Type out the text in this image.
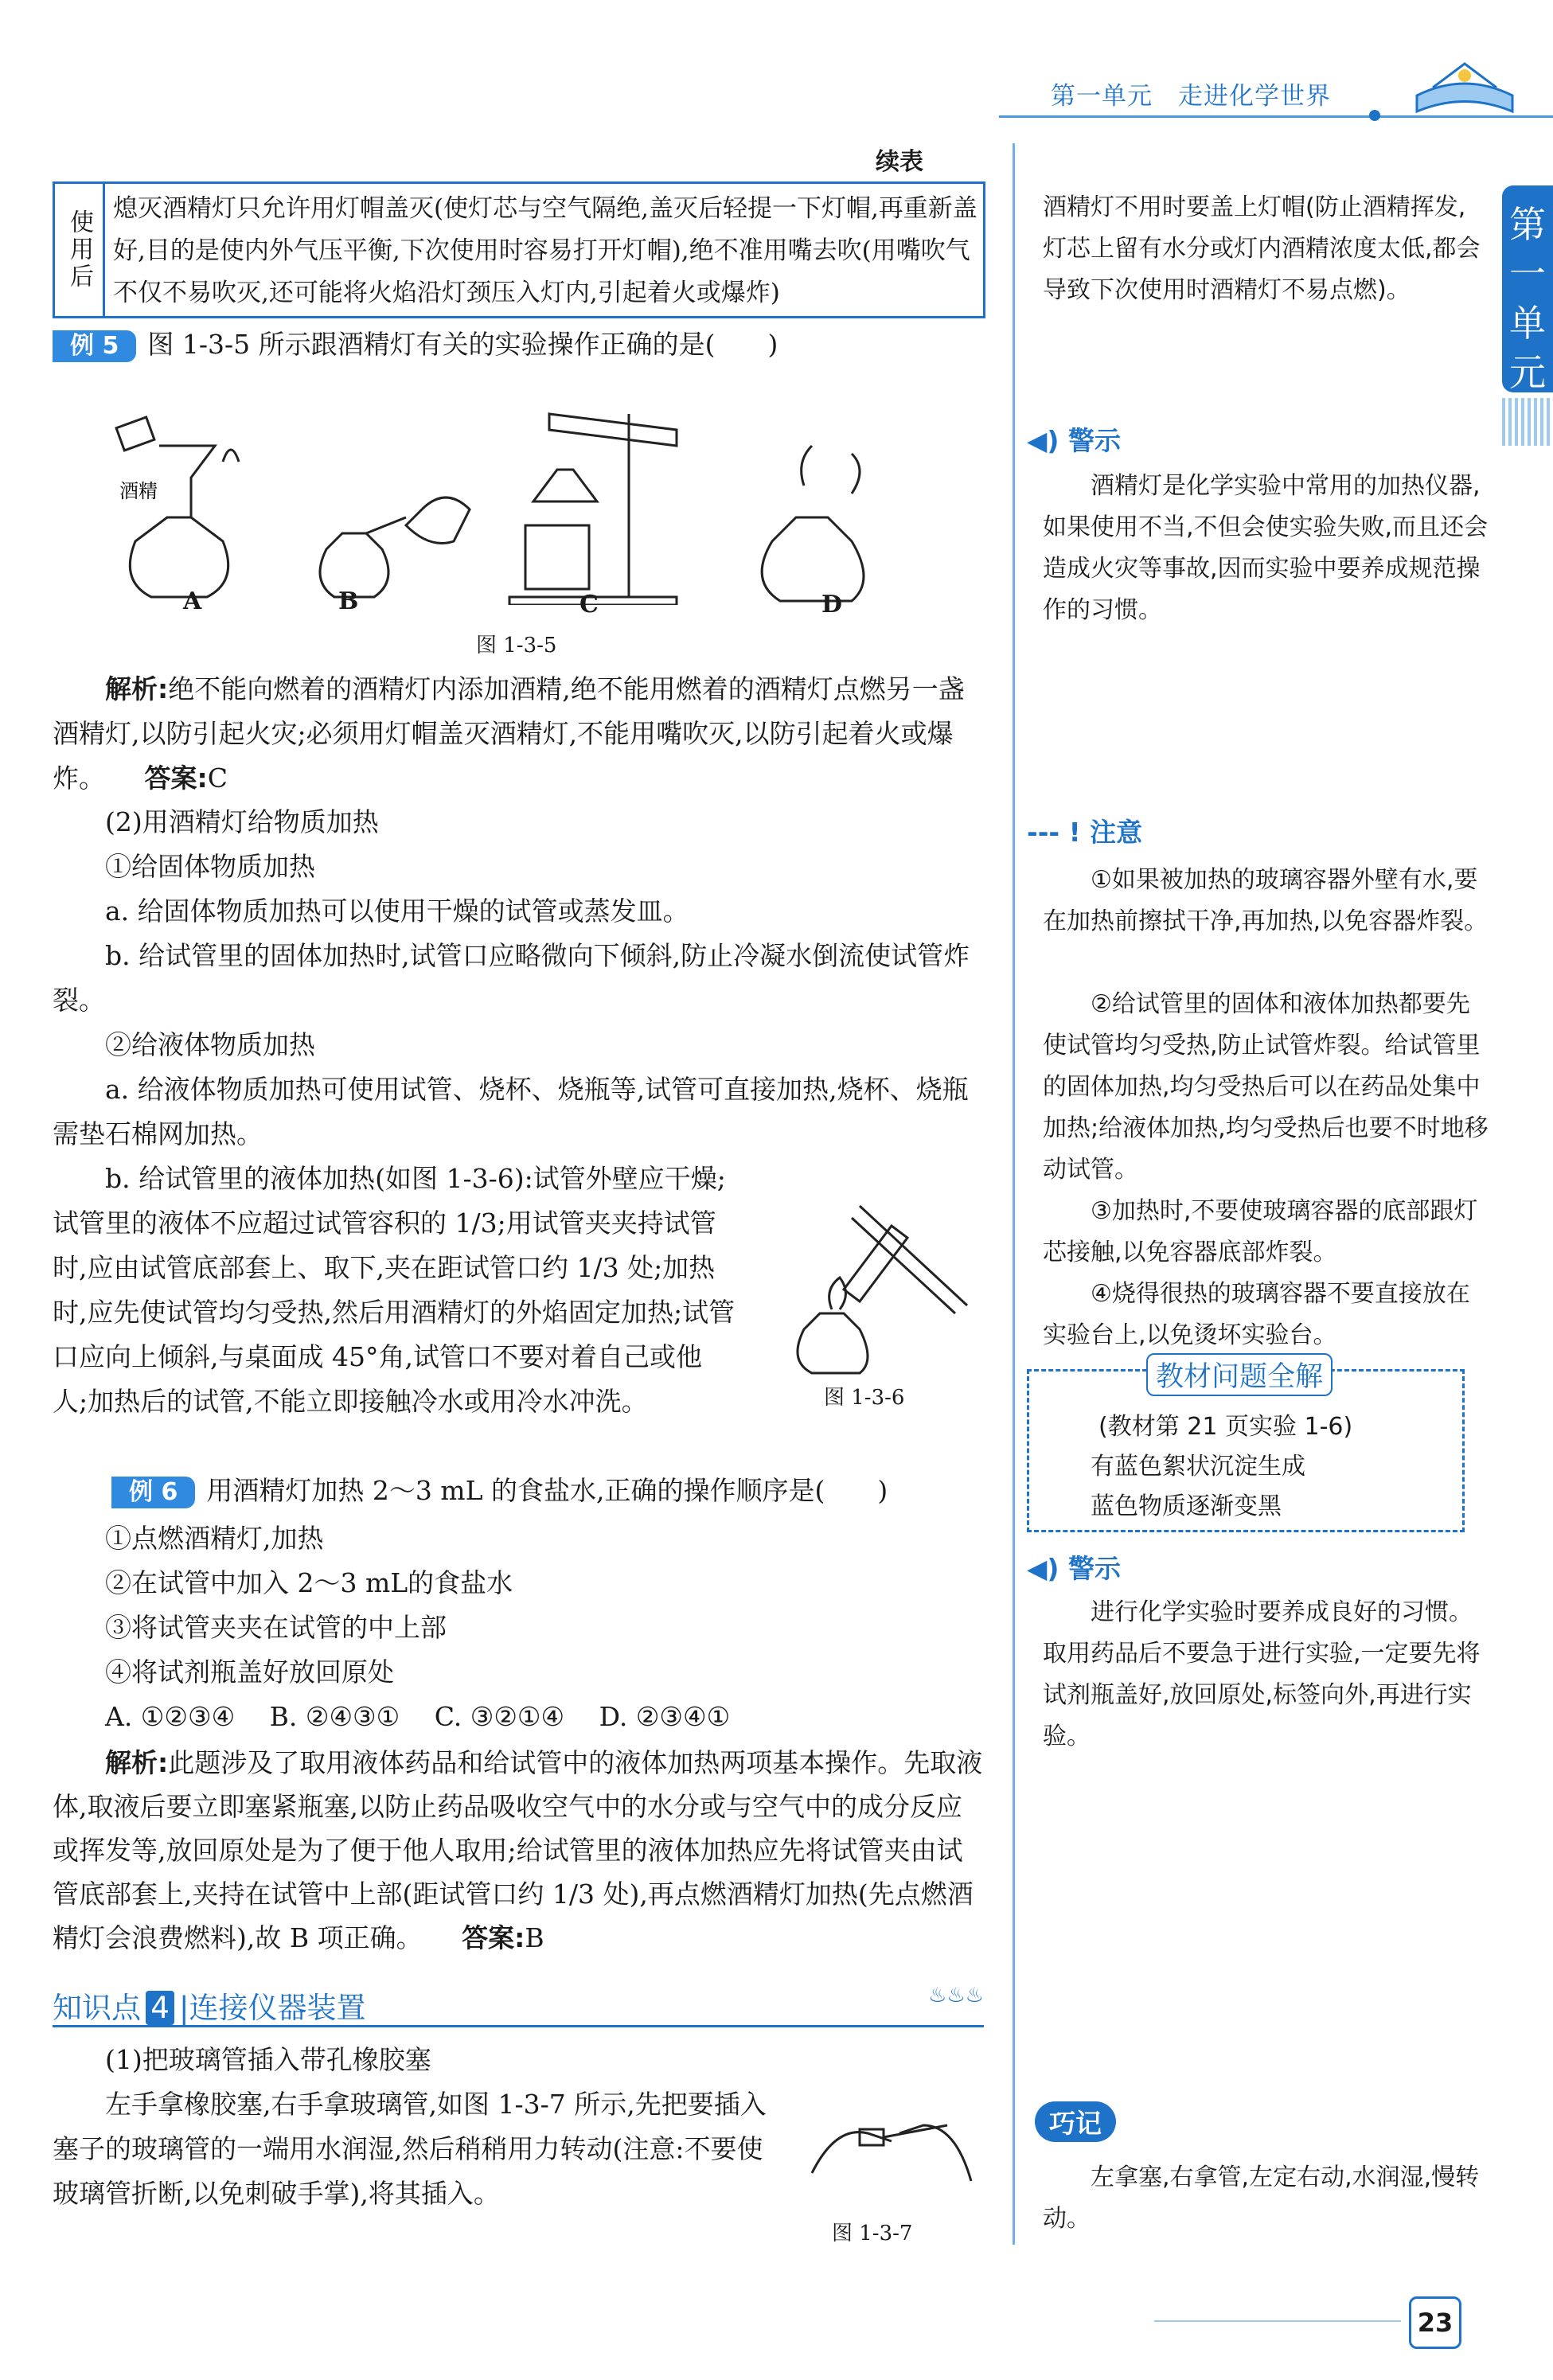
第一单元　 走进化学世界
第一单元
续表
使用后
熄灭酒精灯只允许用灯帽盖灭(使灯芯与空气隔绝,盖灭后轻提一下灯帽,再重新盖好,目的是使内外气压平衡,下次使用时容易打开灯帽),绝不准用嘴去吹(用嘴吹气不仅不易吹灭,还可能将火焰沿灯颈压入灯内,引起着火或爆炸)
例 5 图 1-3-5 所示跟酒精灯有关的实验操作正确的是(　　)
酒精
A	B	C	D
图 1-3-5
解析:绝不能向燃着的酒精灯内添加酒精,绝不能用燃着的酒精灯点燃另一盏酒精灯,以防引起火灾;必须用灯帽盖灭酒精灯,不能用嘴吹灭,以防引起着火或爆炸。　　 答案:C
(2)用酒精灯给物质加热
①给固体物质加热
a. 给固体物质加热可以使用干燥的试管或蒸发皿。
b. 给试管里的固体加热时,试管口应略微向下倾斜,防止冷凝水倒流使试管炸裂。
②给液体物质加热
a. 给液体物质加热可使用试管、烧杯、烧瓶等,试管可直接加热,烧杯、烧瓶需垫石棉网加热。
b. 给试管里的液体加热(如图 1-3-6):试管外壁应干燥;试管里的液体不应超过试管容积的 1/3;用试管夹夹持试管时,应由试管底部套上、取下,夹在距试管口约 1/3 处;加热时,应先使试管均匀受热,然后用酒精灯的外焰固定加热;试管口应向上倾斜,与桌面成 45°角,试管口不要对着自己或他人;加热后的试管,不能立即接触冷水或用冷水冲洗。	图 1-3-6
例 6 用酒精灯加热 2～3 mL 的食盐水,正确的操作顺序是(　　)
①点燃酒精灯,加热
②在试管中加入 2～3 mL的食盐水
③将试管夹夹在试管的中上部
④将试剂瓶盖好放回原处
A. ①②③④　 B. ②④③①　 C. ③②①④　 D. ②③④①
解析:此题涉及了取用液体药品和给试管中的液体加热两项基本操作。先取液体,取液后要立即塞紧瓶塞,以防止药品吸收空气中的水分或与空气中的成分反应或挥发等,放回原处是为了便于他人取用;给试管里的液体加热应先将试管夹由试管底部套上,夹持在试管中上部(距试管口约 1/3 处),再点燃酒精灯加热(先点燃酒精灯会浪费燃料),故 B 项正确。　　 答案:B
知识点 4 |连接仪器装置	♨♨♨
(1)把玻璃管插入带孔橡胶塞
左手拿橡胶塞,右手拿玻璃管,如图 1-3-7 所示,先把要插入塞子的玻璃管的一端用水润湿,然后稍稍用力转动(注意:不要使玻璃管折断,以免刺破手掌),将其插入。
图 1-3-7
酒精灯不用时要盖上灯帽(防止酒精挥发,灯芯上留有水分或灯内酒精浓度太低,都会导致下次使用时酒精灯不易点燃)。
◀) 警示
酒精灯是化学实验中常用的加热仪器,如果使用不当,不但会使实验失败,而且还会造成火灾等事故,因而实验中要养成规范操作的习惯。
--- ! 注意
①如果被加热的玻璃容器外壁有水,要在加热前擦拭干净,再加热,以免容器炸裂。
②给试管里的固体和液体加热都要先使试管均匀受热,防止试管炸裂。给试管里的固体加热,均匀受热后可以在药品处集中加热;给液体加热,均匀受热后也要不时地移动试管。
③加热时,不要使玻璃容器的底部跟灯芯接触,以免容器底部炸裂。
④烧得很热的玻璃容器不要直接放在实验台上,以免烫坏实验台。
教材问题全解
(教材第 21 页实验 1-6)
有蓝色絮状沉淀生成
蓝色物质逐渐变黑
◀) 警示
进行化学实验时要养成良好的习惯。取用药品后不要急于进行实验,一定要先将试剂瓶盖好,放回原处,标签向外,再进行实验。
巧记
左拿塞,右拿管,左定右动,水润湿,慢转动。
23
